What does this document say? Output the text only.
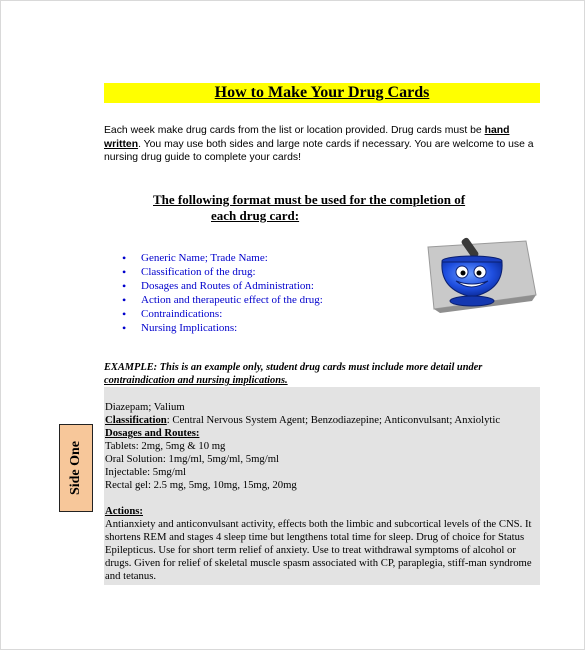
How to Make Your Drug Cards
Each week make drug cards from the list or location provided. Drug cards must be hand written. You may use both sides and large note cards if necessary. You are welcome to use a nursing drug guide to complete your cards!
The following format must be used for the completion of
each drug card:
• Generic Name; Trade Name:
• Classification of the drug:
• Dosages and Routes of Administration:
• Action and therapeutic effect of the drug:
• Contraindications:
• Nursing Implications:
EXAMPLE: This is an example only, student drug cards must include more detail under
contraindication and nursing implications.
Side One
Diazepam; Valium
Classification: Central Nervous System Agent; Benzodiazepine; Anticonvulsant; Anxiolytic
Dosages and Routes:
Tablets: 2mg, 5mg & 10 mg
Oral Solution: 1mg/ml, 5mg/ml, 5mg/ml
Injectable: 5mg/ml
Rectal gel: 2.5 mg, 5mg, 10mg, 15mg, 20mg
Actions:
Antianxiety and anticonvulsant activity, effects both the limbic and subcortical levels of the CNS. It shortens REM and stages 4 sleep time but lengthens total time for sleep. Drug of choice for Status Epilepticus. Use for short term relief of anxiety. Use to treat withdrawal symptoms of alcohol or drugs. Given for relief of skeletal muscle spasm associated with CP, paraplegia, stiff-man syndrome and tetanus.
